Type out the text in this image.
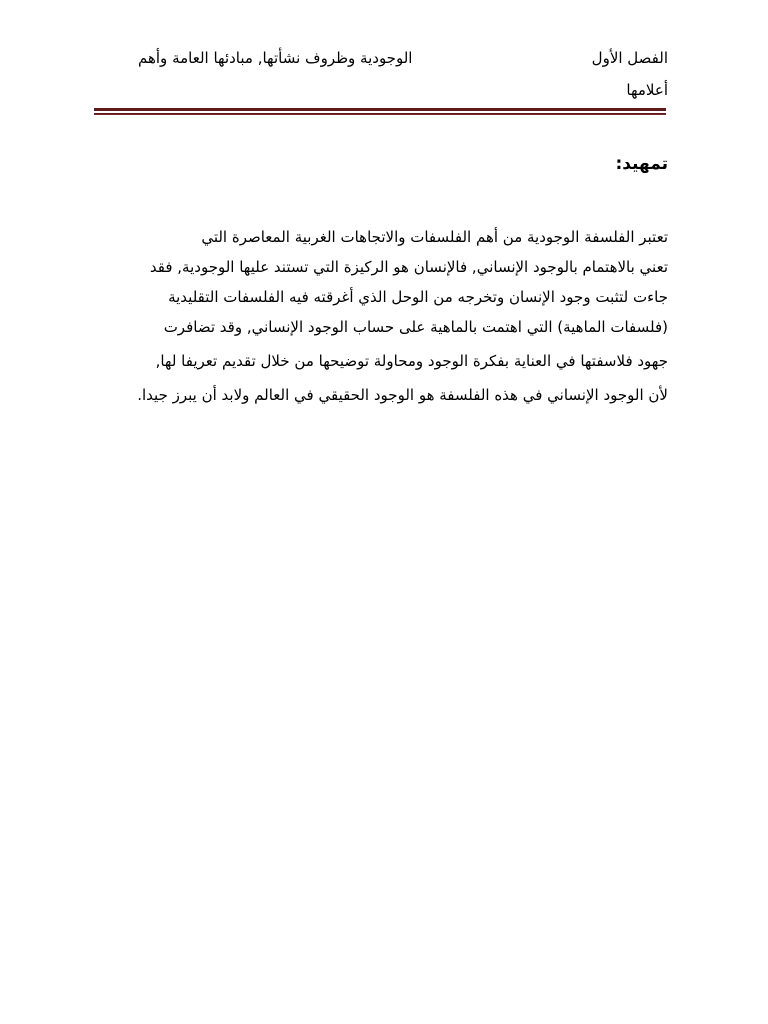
الفصل الأول
الوجودية وظروف نشأتها, مبادئها العامة وأهم
أعلامها
تمهيد:
تعتبر الفلسفة الوجودية من أهم الفلسفات والاتجاهات الغربية المعاصرة التي
تعني بالاهتمام بالوجود الإنساني, فالإنسان هو الركيزة التي تستند عليها الوجودية, فقد
جاءت لتثبت وجود الإنسان وتخرجه من الوحل الذي أغرقته فيه الفلسفات التقليدية
(فلسفات الماهية) التي اهتمت بالماهية على حساب الوجود الإنساني, وقد تضافرت
جهود فلاسفتها في العناية بفكرة الوجود ومحاولة توضيحها من خلال تقديم تعريفا لها,
لأن الوجود الإنساني في هذه الفلسفة هو الوجود الحقيقي في العالم ولابد أن يبرز جيدا.
